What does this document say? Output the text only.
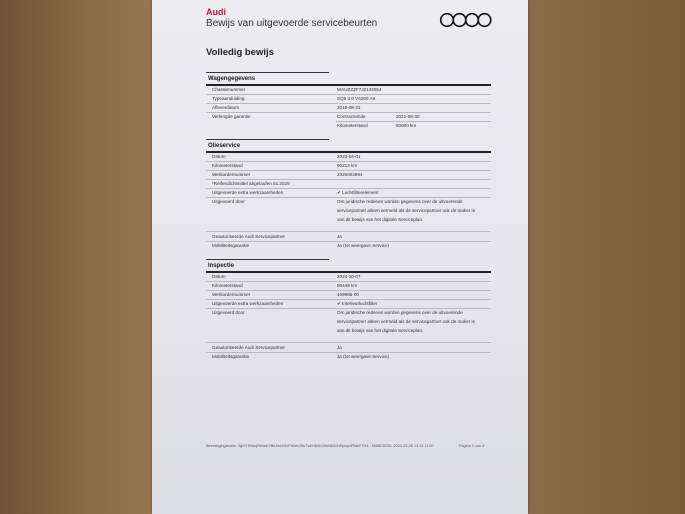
Audi
Bewijs van uitgevoerde servicebeurten
Volledig bewijs
Wagengegevens
Chassisnummer	WAUZZZF7J2142654
Typeaanduiding	SQ5 3.0 V6260 A8
Afleverdatum	2018-08-31
Verlengde garantie	Contracteinde	2021-08-30
Kilometerstand	60000 km
Olieservice
Datum	2023-04-01
Kilometerstand	90213 km
Werkordernummer	2025003884
*Reifendichtmittel abgelaufen 01.2029
Uitgevoerde extra werkzaamheden	✔ Luchtfilterelement
Uitgevoerd door	Om juridische redenen worden gegevens over de uitvoerende
servicepartner alleen vermeld als de servicepartner ook de maker is
van dit bewijs van het digitale Serviceplan.
Geautoriseerde Audi Servicepartner	Ja
Mobiliteitsgarantie	Ja (tot weergave Service)
Inspectie
Datum	2024-10-07
Kilometerstand	80448 km
Werkordernummer	409985-00
Uitgevoerde extra werkzaamheden	✔ Interieurluchtfilter
Uitgevoerd door	Om juridische redenen worden gegevens over de uitvoerende
servicepartner alleen vermeld als de servicepartner ook de maker is
van dit bewijs van het digitale Serviceplan.
Geautoriseerde Audi Servicepartner	Ja
Mobiliteitsgarantie	Ja (tot weergave Service)
Bevestigingscode: 3gGYHNnqRKwm7BeJwUrXcPhDmJVu7vAY6t5K2hbNA5Ju9pmyoPMbYTH4 - NUBCAT00: 2024-03-06 14:11:11:00	Pagina 1 van 4
